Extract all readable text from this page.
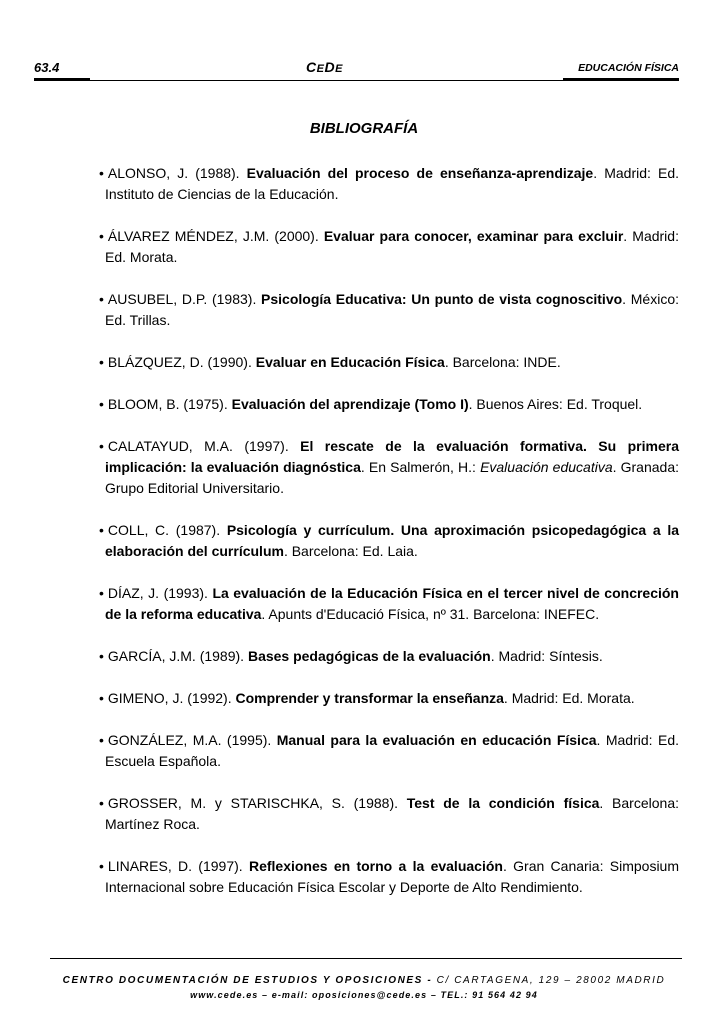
63.4	CEDE	EDUCACIÓN FÍSICA
BIBLIOGRAFÍA

• ALONSO, J. (1988). Evaluación del proceso de enseñanza-aprendizaje. Madrid: Ed. Instituto de Ciencias de la Educación.

• ÁLVAREZ MÉNDEZ, J.M. (2000). Evaluar para conocer, examinar para excluir. Madrid: Ed. Morata.

• AUSUBEL, D.P. (1983). Psicología Educativa: Un punto de vista cognoscitivo. México: Ed. Trillas.

• BLÁZQUEZ, D. (1990). Evaluar en Educación Física. Barcelona: INDE.

• BLOOM, B. (1975). Evaluación del aprendizaje (Tomo I). Buenos Aires: Ed. Troquel.

• CALATAYUD, M.A. (1997). El rescate de la evaluación formativa. Su primera implicación: la evaluación diagnóstica. En Salmerón, H.: Evaluación educativa. Granada: Grupo Editorial Universitario.

• COLL, C. (1987). Psicología y currículum. Una aproximación psicopedagógica a la elaboración del currículum. Barcelona: Ed. Laia.

• DÍAZ, J. (1993). La evaluación de la Educación Física en el tercer nivel de concreción de la reforma educativa. Apunts d'Educació Física, nº 31. Barcelona: INEFEC.

• GARCÍA, J.M. (1989). Bases pedagógicas de la evaluación. Madrid: Síntesis.

• GIMENO, J. (1992). Comprender y transformar la enseñanza. Madrid: Ed. Morata.

• GONZÁLEZ, M.A. (1995). Manual para la evaluación en educación Física. Madrid: Ed. Escuela Española.

• GROSSER, M. y STARISCHKA, S. (1988). Test de la condición física. Barcelona: Martínez Roca.

• LINARES, D. (1997). Reflexiones en torno a la evaluación. Gran Canaria: Simposium Internacional sobre Educación Física Escolar y Deporte de Alto Rendimiento.

CENTRO DOCUMENTACIÓN DE ESTUDIOS Y OPOSICIONES - C/ CARTAGENA, 129 – 28002 MADRID
www.cede.es – e-mail: oposiciones@cede.es – TEL.: 91 564 42 94
